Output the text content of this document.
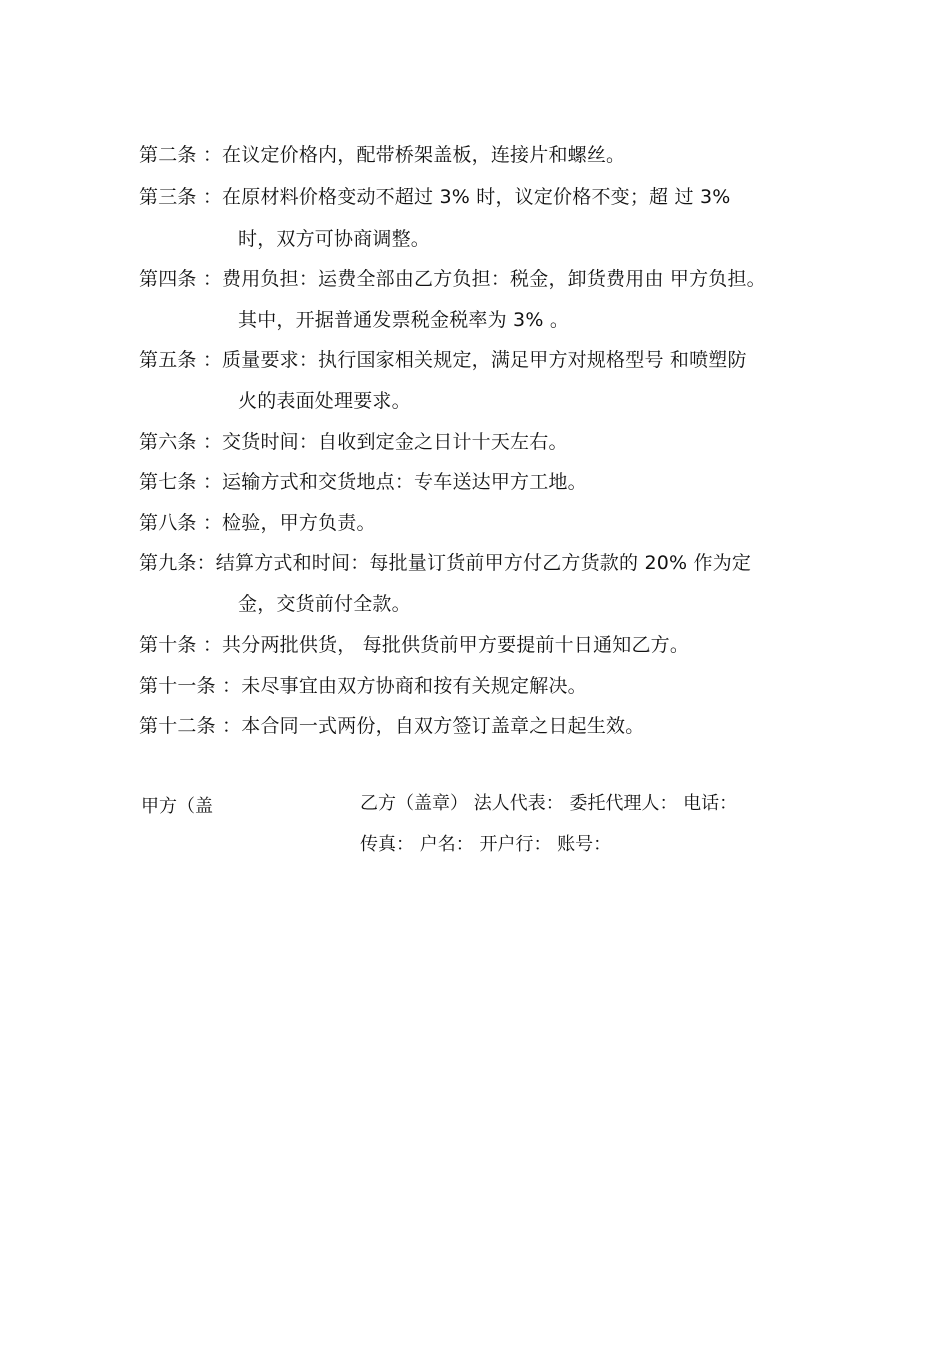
第二条 ：在议定价格内，配带桥架盖板，连接片和螺丝。
第三条 ：在原材料价格变动不超过 3% 时，议定价格不变；超 过 3%
时，双方可协商调整。
第四条 ：费用负担：运费全部由乙方负担：税金，卸货费用由 甲方负担。
其中，开据普通发票税金税率为 3% 。
第五条 ：质量要求：执行国家相关规定，满足甲方对规格型号 和喷塑防
火的表面处理要求。
第六条 ：交货时间：自收到定金之日计十天左右。
第七条 ：运输方式和交货地点：专车送达甲方工地。
第八条 ：检验，甲方负责。
第九条：结算方式和时间：每批量订货前甲方付乙方货款的 20% 作为定
金，交货前付全款。
第十条 ：共分两批供货， 每批供货前甲方要提前十日通知乙方。
第十一条 ：未尽事宜由双方协商和按有关规定解决。
第十二条 ：本合同一式两份，自双方签订盖章之日起生效。
甲方（盖	乙方（盖章） 法人代表： 委托代理人： 电话：
传真： 户名： 开户行： 账号：
